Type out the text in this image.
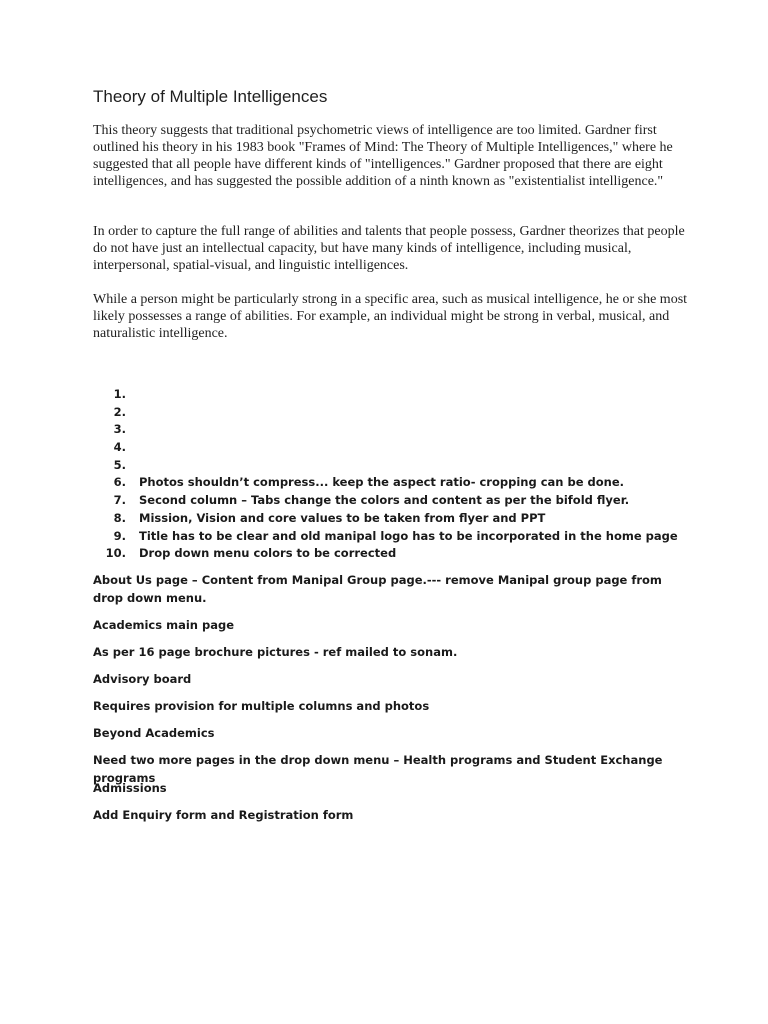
Theory of Multiple Intelligences

This theory suggests that traditional psychometric views of intelligence are too limited. Gardner first outlined his theory in his 1983 book "Frames of Mind: The Theory of Multiple Intelligences," where he suggested that all people have different kinds of "intelligences." Gardner proposed that there are eight intelligences, and has suggested the possible addition of a ninth known as "existentialist intelligence."

In order to capture the full range of abilities and talents that people possess, Gardner theorizes that people do not have just an intellectual capacity, but have many kinds of intelligence, including musical, interpersonal, spatial-visual, and linguistic intelligences.

While a person might be particularly strong in a specific area, such as musical intelligence, he or she most likely possesses a range of abilities. For example, an individual might be strong in verbal, musical, and naturalistic intelligence.

1.
2.
3.
4.
5.
6. Photos shouldn’t compress... keep the aspect ratio- cropping can be done.
7. Second column – Tabs change the colors and content as per the bifold flyer.
8. Mission, Vision and core values to be taken from flyer and PPT
9. Title has to be clear and old manipal logo has to be incorporated in the home page
10. Drop down menu colors to be corrected

About Us page – Content from Manipal Group page.--- remove Manipal group page from drop down menu.

Academics main page

As per 16 page brochure pictures - ref mailed to sonam.

Advisory board

Requires provision for multiple columns and photos

Beyond Academics

Need two more pages in the drop down menu – Health programs and Student Exchange programs

Admissions

Add Enquiry form and Registration form
